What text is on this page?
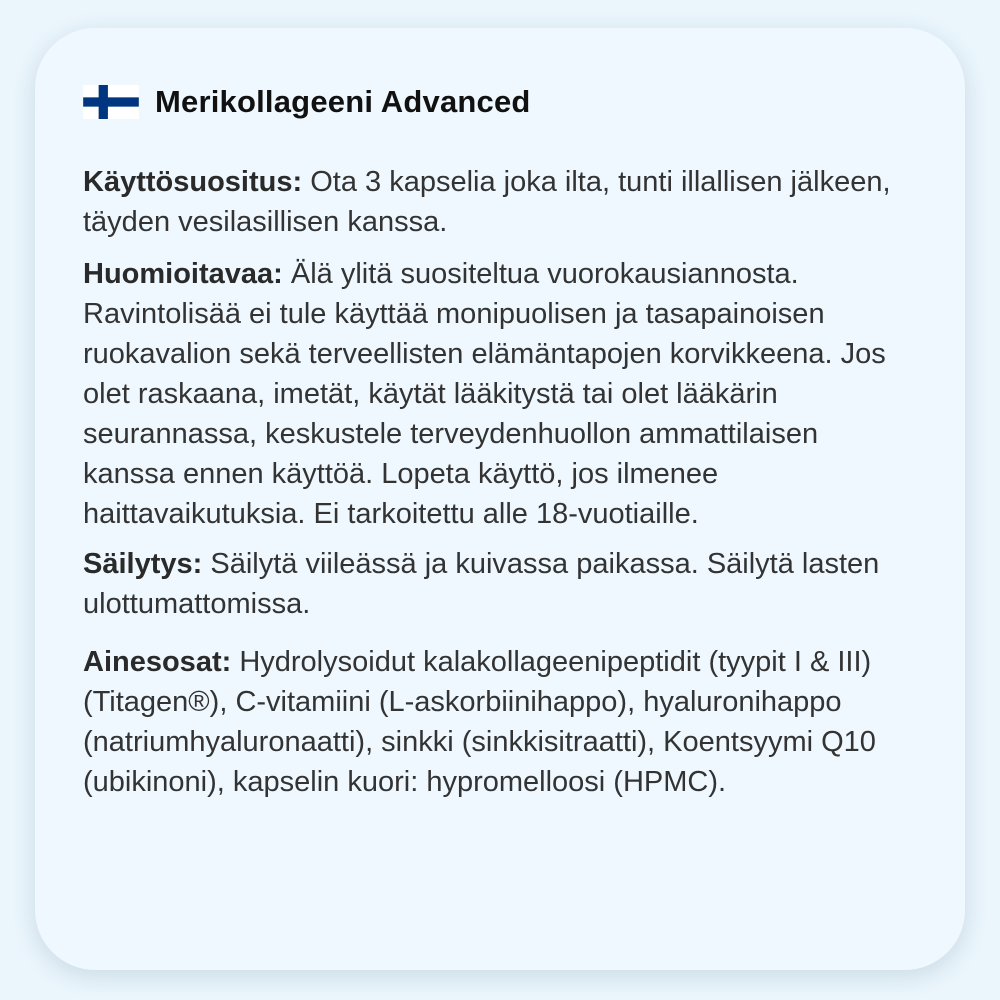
Merikollageeni Advanced
Käyttösuositus: Ota 3 kapselia joka ilta, tunti illallisen jälkeen, täyden vesilasillisen kanssa.
Huomioitavaa: Älä ylitä suositeltua vuorokausiannosta. Ravintolisää ei tule käyttää monipuolisen ja tasapainoisen ruokavalion sekä terveellisten elämäntapojen korvikkeena. Jos olet raskaana, imetät, käytät lääkitystä tai olet lääkärin seurannassa, keskustele terveydenhuollon ammattilaisen kanssa ennen käyttöä. Lopeta käyttö, jos ilmenee haittavaikutuksia. Ei tarkoitettu alle 18-vuotiaille.
Säilytys: Säilytä viileässä ja kuivassa paikassa. Säilytä lasten ulottumattomissa.
Ainesosat: Hydrolysoidut kalakollageenipeptidit (tyypit I & III) (Titagen®), C-vitamiini (L-askorbiinihappo), hyaluronihappo (natriumhyaluronaatti), sinkki (sinkkisitraatti), Koentsyymi Q10 (ubikinoni), kapselin kuori: hypromelloosi (HPMC).
